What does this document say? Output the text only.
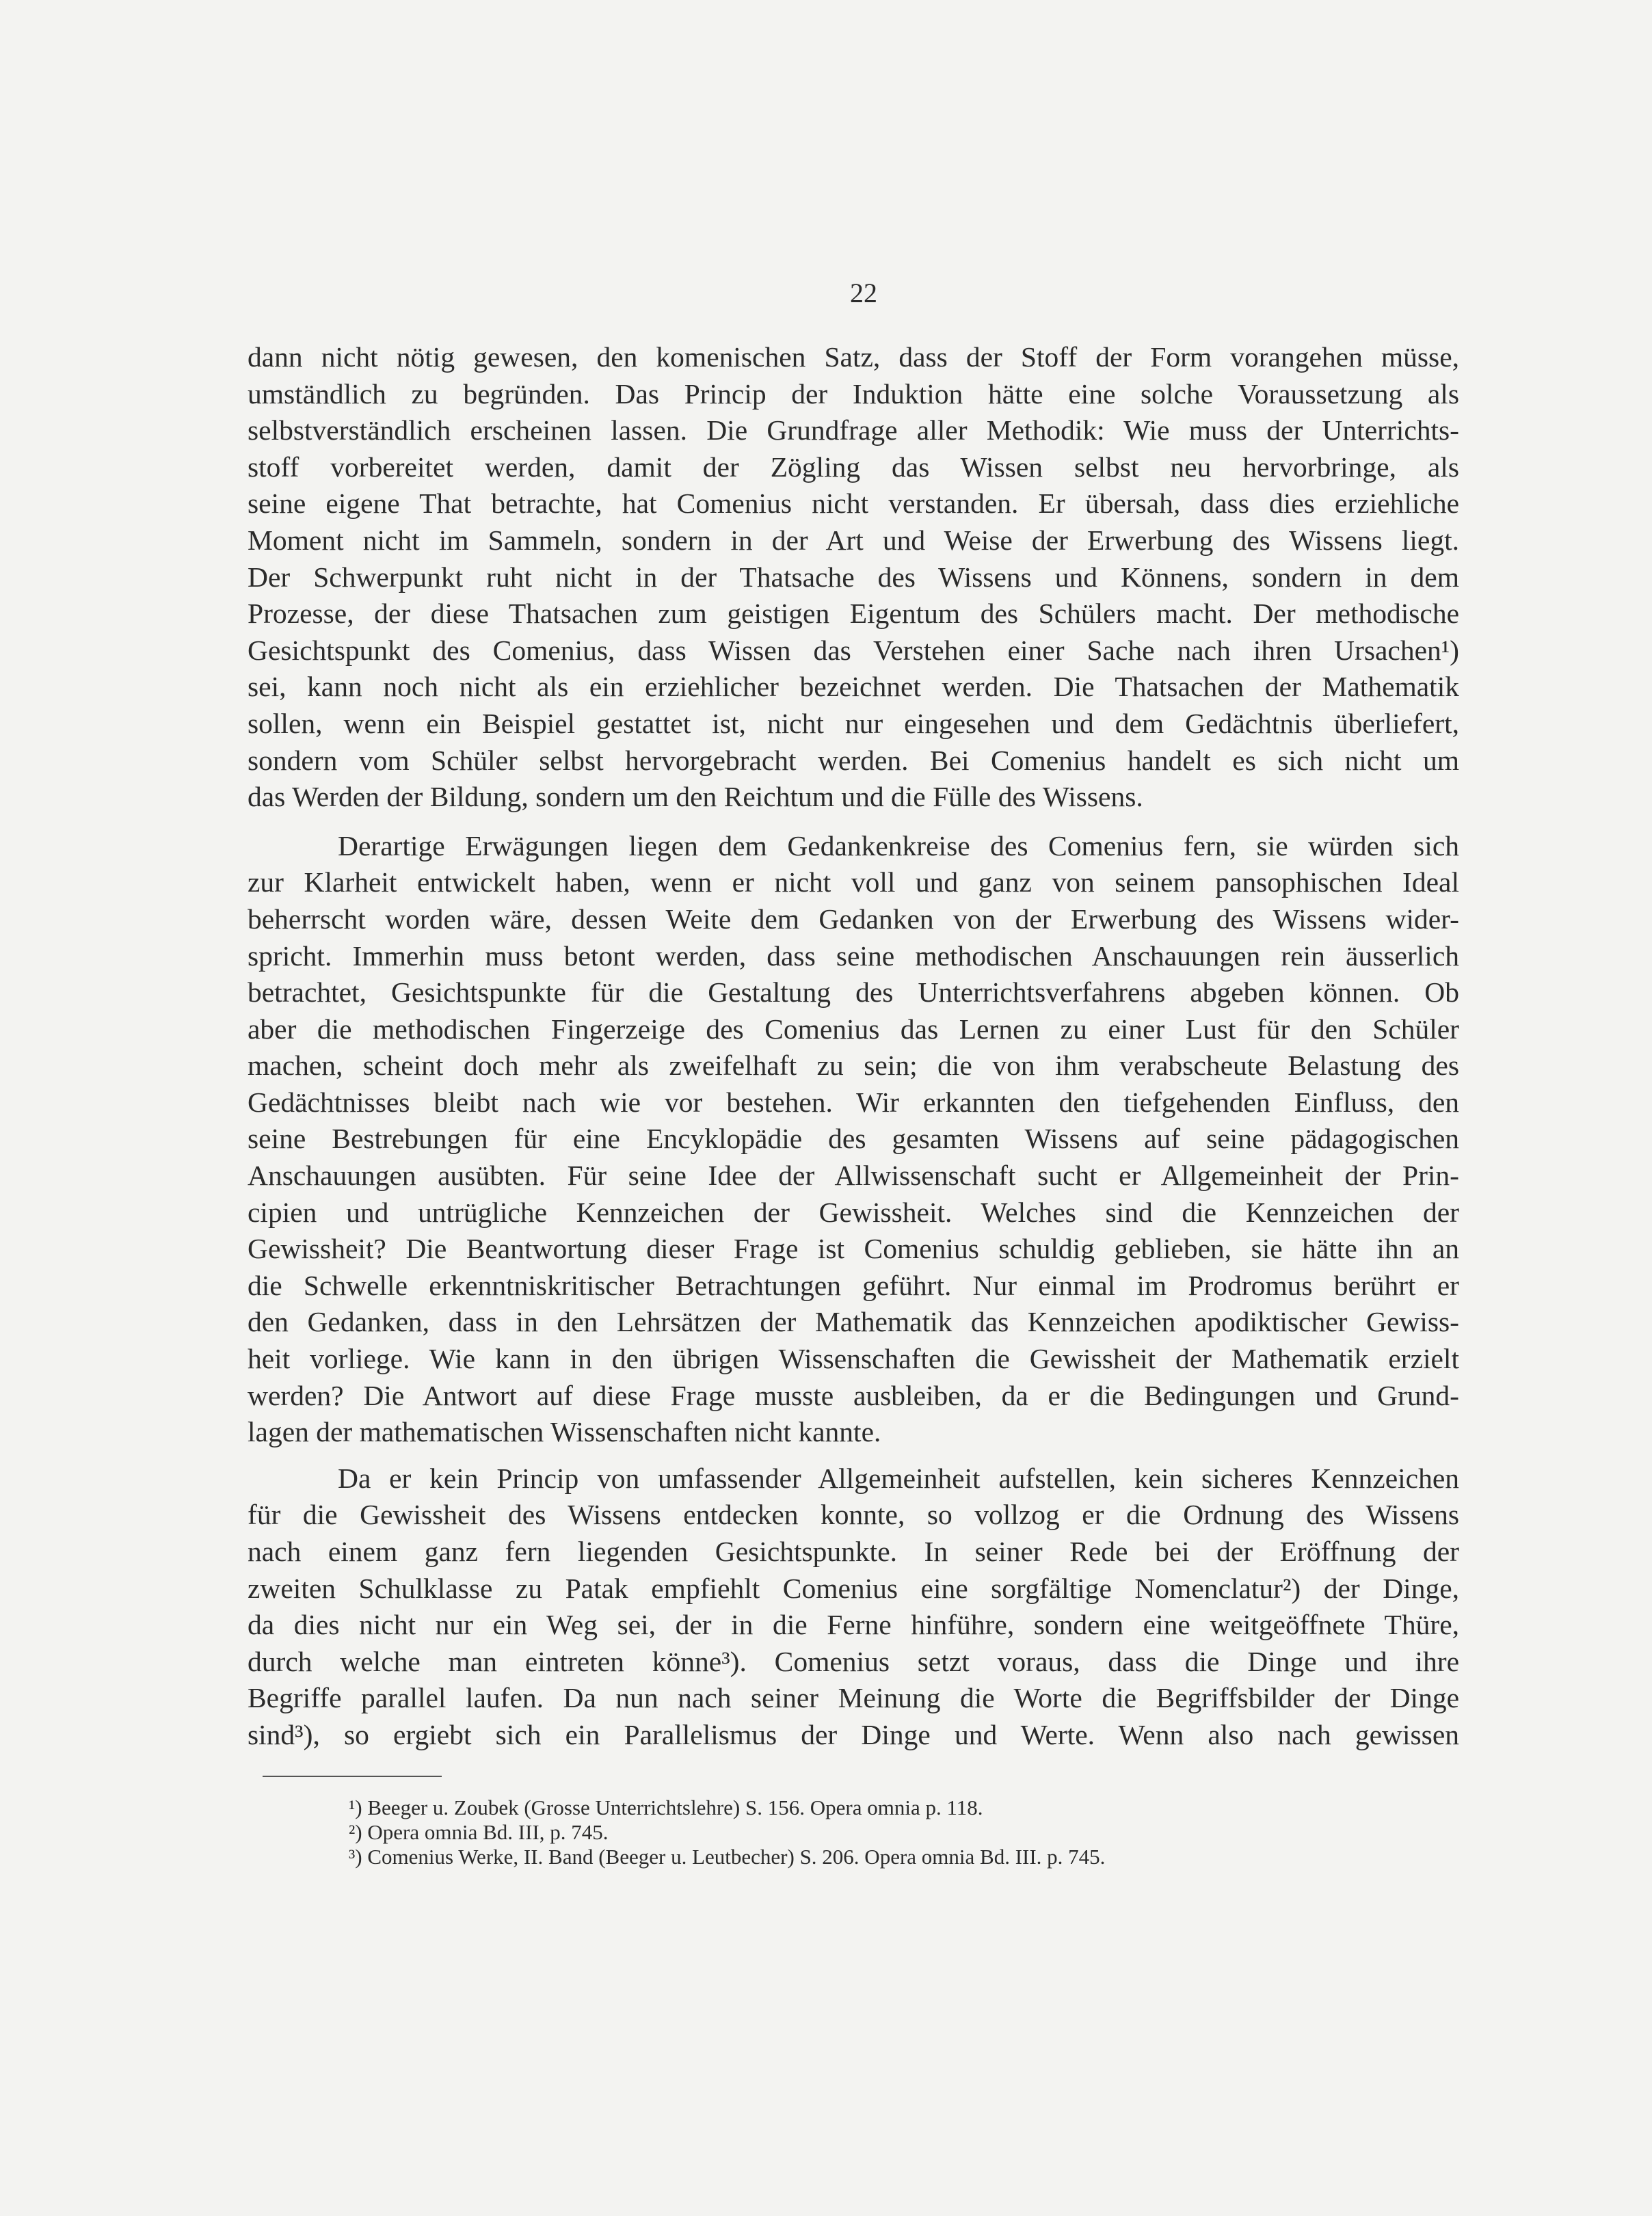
22

dann nicht nötig gewesen, den komenischen Satz, dass der Stoff der Form vorangehen müsse,
umständlich zu begründen. Das Princip der Induktion hätte eine solche Voraussetzung als
selbstverständlich erscheinen lassen. Die Grundfrage aller Methodik: Wie muss der Unterrichts-
stoff vorbereitet werden, damit der Zögling das Wissen selbst neu hervorbringe, als
seine eigene That betrachte, hat Comenius nicht verstanden. Er übersah, dass dies erziehliche
Moment nicht im Sammeln, sondern in der Art und Weise der Erwerbung des Wissens liegt.
Der Schwerpunkt ruht nicht in der Thatsache des Wissens und Könnens, sondern in dem
Prozesse, der diese Thatsachen zum geistigen Eigentum des Schülers macht. Der methodische
Gesichtspunkt des Comenius, dass Wissen das Verstehen einer Sache nach ihren Ursachen¹)
sei, kann noch nicht als ein erziehlicher bezeichnet werden. Die Thatsachen der Mathematik
sollen, wenn ein Beispiel gestattet ist, nicht nur eingesehen und dem Gedächtnis überliefert,
sondern vom Schüler selbst hervorgebracht werden. Bei Comenius handelt es sich nicht um
das Werden der Bildung, sondern um den Reichtum und die Fülle des Wissens.

Derartige Erwägungen liegen dem Gedankenkreise des Comenius fern, sie würden sich
zur Klarheit entwickelt haben, wenn er nicht voll und ganz von seinem pansophischen Ideal
beherrscht worden wäre, dessen Weite dem Gedanken von der Erwerbung des Wissens wider-
spricht. Immerhin muss betont werden, dass seine methodischen Anschauungen rein äusserlich
betrachtet, Gesichtspunkte für die Gestaltung des Unterrichtsverfahrens abgeben können. Ob
aber die methodischen Fingerzeige des Comenius das Lernen zu einer Lust für den Schüler
machen, scheint doch mehr als zweifelhaft zu sein; die von ihm verabscheute Belastung des
Gedächtnisses bleibt nach wie vor bestehen. Wir erkannten den tiefgehenden Einfluss, den
seine Bestrebungen für eine Encyklopädie des gesamten Wissens auf seine pädagogischen
Anschauungen ausübten. Für seine Idee der Allwissenschaft sucht er Allgemeinheit der Prin-
cipien und untrügliche Kennzeichen der Gewissheit. Welches sind die Kennzeichen der
Gewissheit? Die Beantwortung dieser Frage ist Comenius schuldig geblieben, sie hätte ihn an
die Schwelle erkenntniskritischer Betrachtungen geführt. Nur einmal im Prodromus berührt er
den Gedanken, dass in den Lehrsätzen der Mathematik das Kennzeichen apodiktischer Gewiss-
heit vorliege. Wie kann in den übrigen Wissenschaften die Gewissheit der Mathematik erzielt
werden? Die Antwort auf diese Frage musste ausbleiben, da er die Bedingungen und Grund-
lagen der mathematischen Wissenschaften nicht kannte.

Da er kein Princip von umfassender Allgemeinheit aufstellen, kein sicheres Kennzeichen
für die Gewissheit des Wissens entdecken konnte, so vollzog er die Ordnung des Wissens
nach einem ganz fern liegenden Gesichtspunkte. In seiner Rede bei der Eröffnung der
zweiten Schulklasse zu Patak empfiehlt Comenius eine sorgfältige Nomenclatur²) der Dinge,
da dies nicht nur ein Weg sei, der in die Ferne hinführe, sondern eine weitgeöffnete Thüre,
durch welche man eintreten könne³). Comenius setzt voraus, dass die Dinge und ihre
Begriffe parallel laufen. Da nun nach seiner Meinung die Worte die Begriffsbilder der Dinge
sind³), so ergiebt sich ein Parallelismus der Dinge und Werte. Wenn also nach gewissen

¹) Beeger u. Zoubek (Grosse Unterrichtslehre) S. 156. Opera omnia p. 118.
²) Opera omnia Bd. III, p. 745.
³) Comenius Werke, II. Band (Beeger u. Leutbecher) S. 206. Opera omnia Bd. III. p. 745.
